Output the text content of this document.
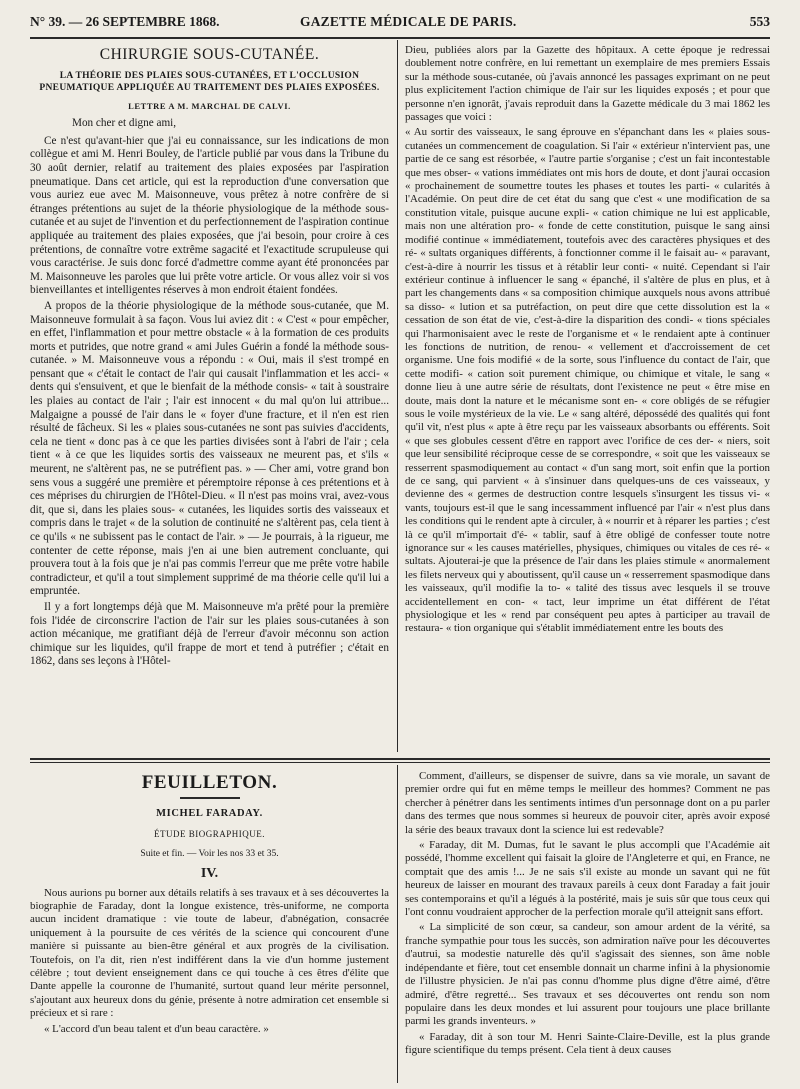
N° 39. — 26 SEPTEMBRE 1868.	GAZETTE MÉDICALE DE PARIS.	553
CHIRURGIE SOUS-CUTANÉE.
LA THÉORIE DES PLAIES SOUS-CUTANÉES, ET L'OCCLUSION PNEUMATIQUE APPLIQUÉE AU TRAITEMENT DES PLAIES EXPOSÉES.
LETTRE A M. MARCHAL DE CALVI.

Mon cher et digne ami,

Ce n'est qu'avant-hier que j'ai eu connaissance, sur les indications de mon collègue et ami M. Henri Bouley, de l'article publié par vous dans la Tribune du 30 août dernier, relatif au traitement des plaies exposées par l'aspiration pneumatique. Dans cet article, qui est la reproduction d'une conversation que vous auriez eue avec M. Maisonneuve, vous prêtez à notre confrère de si étranges prétentions au sujet de la théorie physiologique de la méthode sous-cutanée et au sujet de l'invention et du perfectionnement de l'aspiration continue appliquée au traitement des plaies exposées, que j'ai besoin, pour croire à ces prétentions, de connaître votre extrême sagacité et l'exactitude scrupuleuse qui vous caractérise. Je suis donc forcé d'admettre comme ayant été prononcées par M. Maisonneuve les paroles que lui prête votre article. Or vous allez voir si vos bienveillantes et intelligentes réserves à mon endroit étaient fondées.

A propos de la théorie physiologique de la méthode sous-cutanée, que M. Maisonneuve formulait à sa façon. Vous lui aviez dit : « C'est « pour empêcher, en effet, l'inflammation et pour mettre obstacle « à la formation de ces produits morts et putrides, que notre grand « ami Jules Guérin a fondé la méthode sous-cutanée. » M. Maisonneuve vous a répondu : « Oui, mais il s'est trompé en pensant que « c'était le contact de l'air qui causait l'inflammation et les acci- « dents qui s'ensuivent, et que le bienfait de la méthode consis- « tait à soustraire les plaies au contact de l'air ; l'air est innocent « du mal qu'on lui attribue... Malgaigne a poussé de l'air dans le « foyer d'une fracture, et il n'en est rien résulté de fâcheux. Si les « plaies sous-cutanées ne sont pas suivies d'accidents, cela ne tient « donc pas à ce que les parties divisées sont à l'abri de l'air ; cela tient « à ce que les liquides sortis des vaisseaux ne meurent pas, et s'ils « meurent, ne s'altèrent pas, ne se putréfient pas. » — Cher ami, votre grand bon sens vous a suggéré une première et péremptoire réponse à ces prétentions et à ces méprises du chirurgien de l'Hôtel-Dieu. « Il n'est pas moins vrai, avez-vous dit, que si, dans les plaies sous- « cutanées, les liquides sortis des vaisseaux et compris dans le trajet « de la solution de continuité ne s'altèrent pas, cela tient à ce qu'ils « ne subissent pas le contact de l'air. » — Je pourrais, à la rigueur, me contenter de cette réponse, mais j'en ai une bien autrement concluante, qui prouvera tout à la fois que je n'ai pas commis l'erreur que me prête votre habile contradicteur, et qu'il a tout simplement supprimé de ma théorie celle qu'il lui a empruntée.

Il y a fort longtemps déjà que M. Maisonneuve m'a prêté pour la première fois l'idée de circonscrire l'action de l'air sur les plaies sous-cutanées à son action mécanique, me gratifiant déjà de l'erreur d'avoir méconnu son action chimique sur les liquides, qu'il frappe de mort et tend à putréfier ; c'était en 1862, dans ses leçons à l'Hôtel-

Dieu, publiées alors par la Gazette des hôpitaux. A cette époque je redressai doublement notre confrère, en lui remettant un exemplaire de mes premiers Essais sur la méthode sous-cutanée, où j'avais annoncé les passages exprimant on ne peut plus explicitement l'action chimique de l'air sur les liquides exposés ; et pour que personne n'en ignorât, j'avais reproduit dans la Gazette médicale du 3 mai 1862 les passages que voici :

« Au sortir des vaisseaux, le sang éprouve en s'épanchant dans les « plaies sous-cutanées un commencement de coagulation. Si l'air « extérieur n'intervient pas, une partie de ce sang est résorbée, « l'autre partie s'organise ; c'est un fait incontestable que mes obser- « vations immédiates ont mis hors de doute, et dont j'aurai occasion « prochainement de soumettre toutes les phases et toutes les parti- « cularités à l'Académie. On peut dire de cet état du sang que c'est « une modification de sa constitution vitale, puisque aucune expli- « cation chimique ne lui est applicable, mais non une altération pro- « fonde de cette constitution, puisque le sang ainsi modifié continue « immédiatement, toutefois avec des caractères physiques et des ré- « sultats organiques différents, à fonctionner comme il le faisait au- « paravant, c'est-à-dire à nourrir les tissus et à rétablir leur conti- « nuité. Cependant si l'air extérieur continue à influencer le sang « épanché, il s'altère de plus en plus, et à part les changements dans « sa composition chimique auxquels nous avons attribué sa disso- « lution et sa putréfaction, on peut dire que cette dissolution est la « cessation de son état de vie, c'est-à-dire la disparition des condi- « tions spéciales qui l'harmonisaient avec le reste de l'organisme et « le rendaient apte à continuer les fonctions de nutrition, de renou- « vellement et d'accroissement de cet organisme. Une fois modifié « de la sorte, sous l'influence du contact de l'air, que cette modifi- « cation soit purement chimique, ou chimique et vitale, le sang « donne lieu à une autre série de résultats, dont l'existence ne peut « être mise en doute, mais dont la nature et le mécanisme sont en- « core obligés de se réfugier sous le voile mystérieux de la vie. Le « sang altéré, dépossédé des qualités qui font qu'il vit, n'est plus « apte à être reçu par les vaisseaux absorbants ou efférents. Soit « que ses globules cessent d'être en rapport avec l'orifice de ces der- « niers, soit que leur sensibilité réciproque cesse de se correspondre, « soit que les vaisseaux se resserrent spasmodiquement au contact « d'un sang mort, soit enfin que la portion de ce sang, qui parvient « à s'insinuer dans quelques-uns de ces vaisseaux, y devienne des « germes de destruction contre lesquels s'insurgent les tissus vi- « vants, toujours est-il que le sang incessamment influencé par l'air « n'est plus dans les conditions qui le rendent apte à circuler, à « nourrir et à réparer les parties ; c'est là ce qu'il m'importait d'é- « tablir, sauf à être obligé de confesser toute notre ignorance sur « les causes matérielles, physiques, chimiques ou vitales de ces ré- « sultats. Ajouterai-je que la présence de l'air dans les plaies stimule « anormalement les filets nerveux qui y aboutissent, qu'il cause un « resserrement spasmodique dans les vaisseaux, qu'il modifie la to- « talité des tissus avec lesquels il se trouve accidentellement en con- « tact, leur imprime un état différent de l'état physiologique et les « rend par conséquent peu aptes à participer au travail de restaura- « tion organique qui s'établit immédiatement entre les bouts des

FEUILLETON.
MICHEL FARADAY.
ÉTUDE BIOGRAPHIQUE.
Suite et fin. — Voir les nos 33 et 35.
IV.

Nous aurions pu borner aux détails relatifs à ses travaux et à ses découvertes la biographie de Faraday, dont la longue existence, très-uniforme, ne comporta aucun incident dramatique : vie toute de labeur, d'abnégation, consacrée uniquement à la poursuite de ces vérités de la science qui concourent d'une manière si puissante au bien-être général et aux progrès de la civilisation. Toutefois, on l'a dit, rien n'est indifférent dans la vie d'un homme justement célèbre ; tout devient enseignement dans ce qui touche à ces êtres d'élite que Dante appelle la couronne de l'humanité, surtout quand leur mérite personnel, s'ajoutant aux heureux dons du génie, présente à notre admiration cet ensemble si précieux et si rare :

« L'accord d'un beau talent et d'un beau caractère. »

Comment, d'ailleurs, se dispenser de suivre, dans sa vie morale, un savant de premier ordre qui fut en même temps le meilleur des hommes? Comment ne pas chercher à pénétrer dans les sentiments intimes d'un personnage dont on a pu parler dans des termes que nous sommes si heureux de pouvoir citer, après avoir exposé la série des beaux travaux dont la science lui est redevable?

« Faraday, dit M. Dumas, fut le savant le plus accompli que l'Académie ait possédé, l'homme excellent qui faisait la gloire de l'Angleterre et qui, en France, ne comptait que des amis !... Je ne sais s'il existe au monde un savant qui ne fût heureux de laisser en mourant des travaux pareils à ceux dont Faraday a fait jouir ses contemporains et qu'il a légués à la postérité, mais je suis sûr que tous ceux qui l'ont connu voudraient approcher de la perfection morale qu'il atteignit sans effort.

« La simplicité de son cœur, sa candeur, son amour ardent de la vérité, sa franche sympathie pour tous les succès, son admiration naïve pour les découvertes d'autrui, sa modestie naturelle dès qu'il s'agissait des siennes, son âme noble indépendante et fière, tout cet ensemble donnait un charme infini à la physionomie de l'illustre physicien. Je n'ai pas connu d'homme plus digne d'être aimé, d'être admiré, d'être regretté... Ses travaux et ses découvertes ont rendu son nom populaire dans les deux mondes et lui assurent pour toujours une place brillante parmi les grands inventeurs. »

« Faraday, dit à son tour M. Henri Sainte-Claire-Deville, est la plus grande figure scientifique du temps présent. Cela tient à deux causes
